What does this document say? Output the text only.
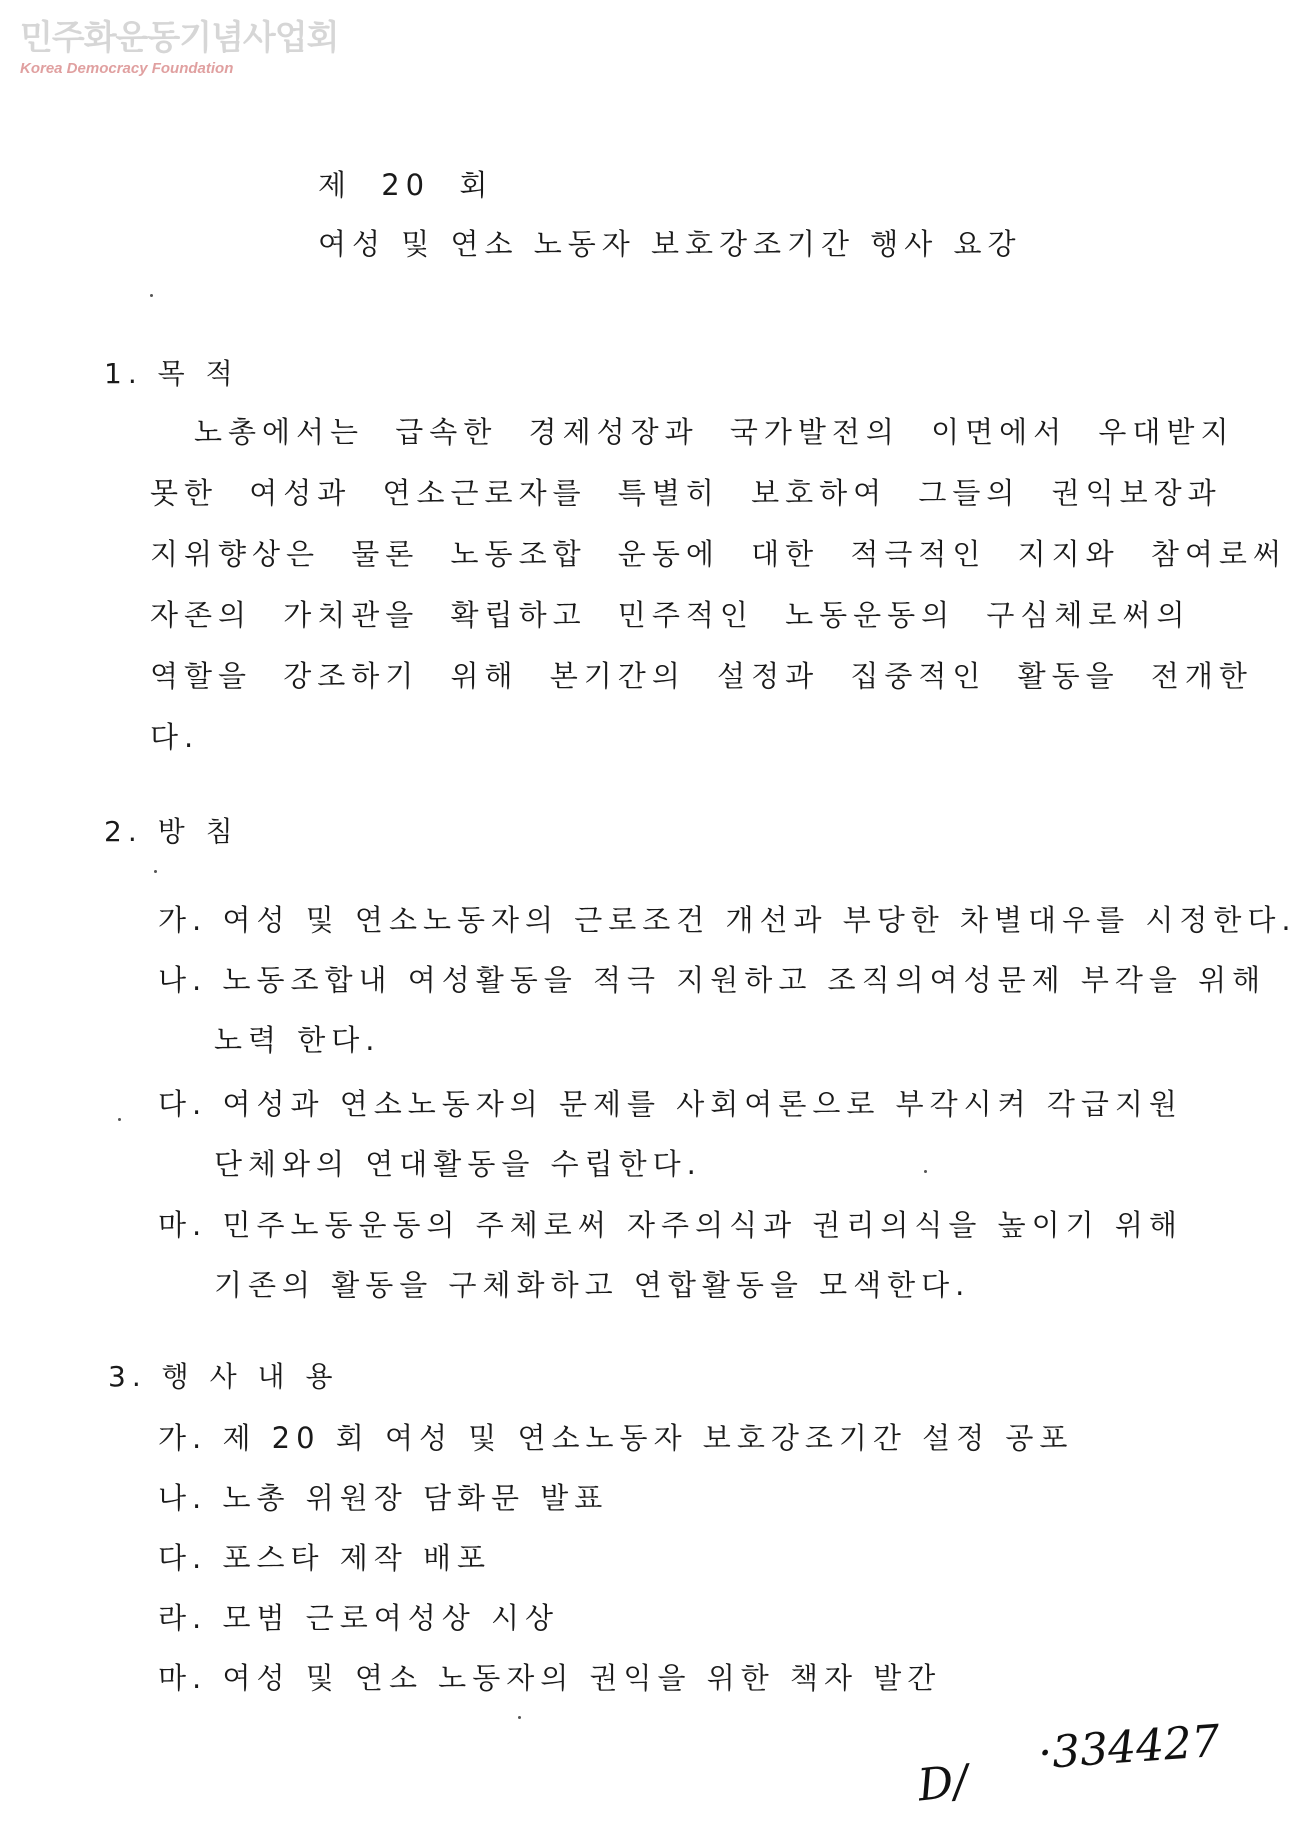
민주화운동기념사업회
Korea Democracy Foundation
제 20 회
여성 및 연소 노동자 보호강조기간 행사 요강
1. 목 적
노총에서는 급속한 경제성장과 국가발전의 이면에서 우대받지
못한 여성과 연소근로자를 특별히 보호하여 그들의 권익보장과
지위향상은 물론 노동조합 운동에 대한 적극적인 지지와 참여로써
자존의 가치관을 확립하고 민주적인 노동운동의 구심체로써의
역할을 강조하기 위해 본기간의 설정과 집중적인 활동을 전개한
다.
2. 방 침
가. 여성 및 연소노동자의 근로조건 개선과 부당한 차별대우를 시정한다.
나. 노동조합내 여성활동을 적극 지원하고 조직의여성문제 부각을 위해
노력 한다.
다. 여성과 연소노동자의 문제를 사회여론으로 부각시켜 각급지원
단체와의 연대활동을 수립한다.
마. 민주노동운동의 주체로써 자주의식과 권리의식을 높이기 위해
기존의 활동을 구체화하고 연합활동을 모색한다.
3. 행 사 내 용
가. 제 20 회 여성 및 연소노동자 보호강조기간 설정 공포
나. 노총 위원장 담화문 발표
다. 포스타 제작 배포
라. 모범 근로여성상 시상
마. 여성 및 연소 노동자의 권익을 위한 책자 발간
D/
·334427
